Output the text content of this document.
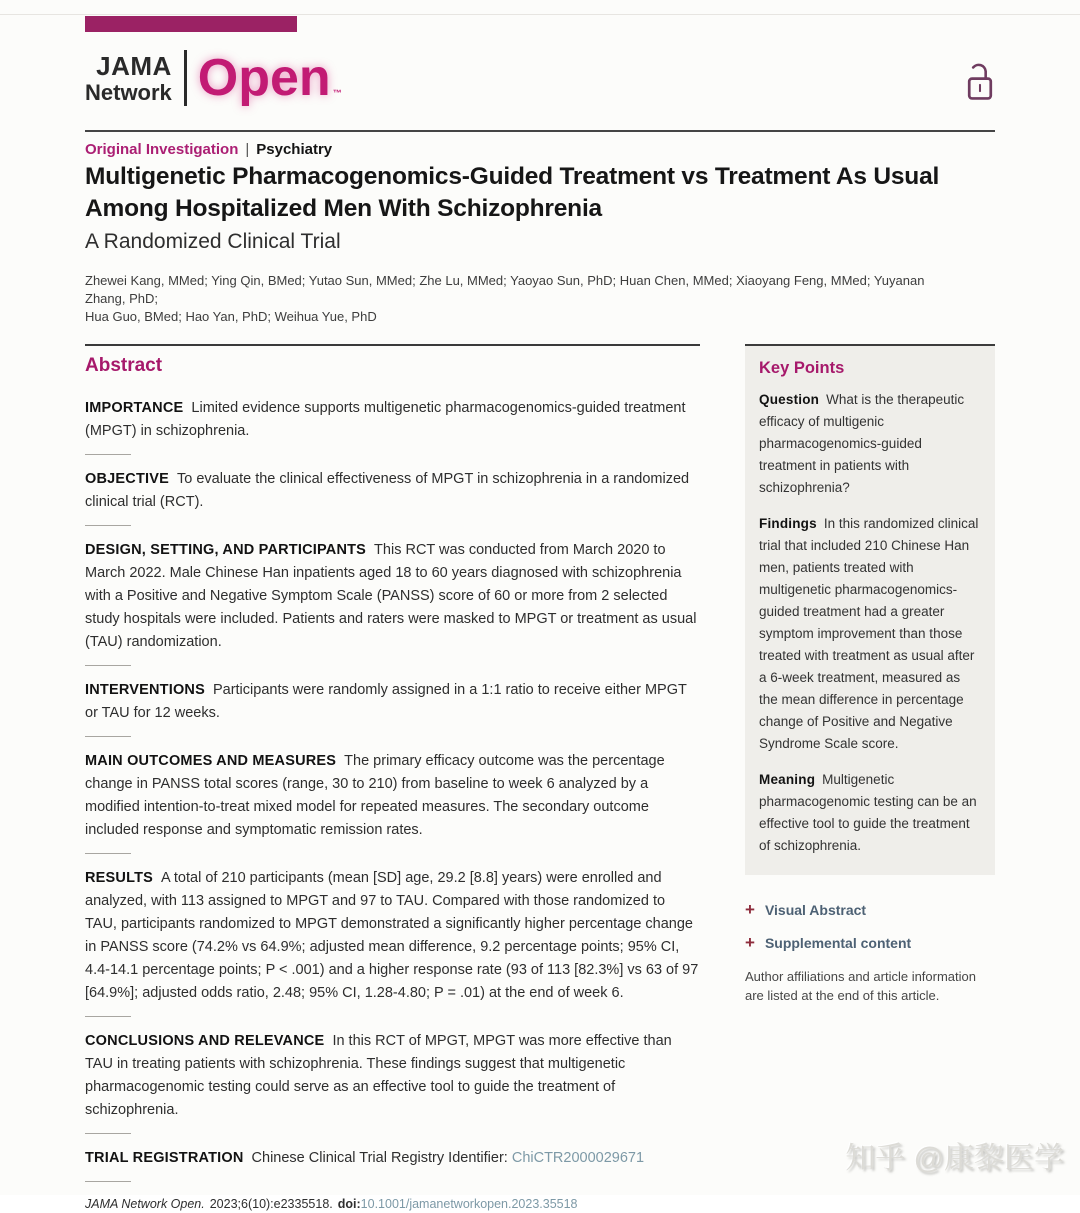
JAMA
Network Open ™
Original Investigation | Psychiatry
Multigenetic Pharmacogenomics-Guided Treatment vs Treatment As Usual Among Hospitalized Men With Schizophrenia
A Randomized Clinical Trial
Zhewei Kang, MMed; Ying Qin, BMed; Yutao Sun, MMed; Zhe Lu, MMed; Yaoyao Sun, PhD; Huan Chen, MMed; Xiaoyang Feng, MMed; Yuyanan Zhang, PhD;
Hua Guo, BMed; Hao Yan, PhD; Weihua Yue, PhD
Abstract
IMPORTANCE Limited evidence supports multigenetic pharmacogenomics-guided treatment (MPGT) in schizophrenia.
OBJECTIVE To evaluate the clinical effectiveness of MPGT in schizophrenia in a randomized clinical trial (RCT).
DESIGN, SETTING, AND PARTICIPANTS This RCT was conducted from March 2020 to March 2022. Male Chinese Han inpatients aged 18 to 60 years diagnosed with schizophrenia with a Positive and Negative Symptom Scale (PANSS) score of 60 or more from 2 selected study hospitals were included. Patients and raters were masked to MPGT or treatment as usual (TAU) randomization.
INTERVENTIONS Participants were randomly assigned in a 1:1 ratio to receive either MPGT or TAU for 12 weeks.
MAIN OUTCOMES AND MEASURES The primary efficacy outcome was the percentage change in PANSS total scores (range, 30 to 210) from baseline to week 6 analyzed by a modified intention-to-treat mixed model for repeated measures. The secondary outcome included response and symptomatic remission rates.
RESULTS A total of 210 participants (mean [SD] age, 29.2 [8.8] years) were enrolled and analyzed, with 113 assigned to MPGT and 97 to TAU. Compared with those randomized to TAU, participants randomized to MPGT demonstrated a significantly higher percentage change in PANSS score (74.2% vs 64.9%; adjusted mean difference, 9.2 percentage points; 95% CI, 4.4-14.1 percentage points; P < .001) and a higher response rate (93 of 113 [82.3%] vs 63 of 97 [64.9%]; adjusted odds ratio, 2.48; 95% CI, 1.28-4.80; P = .01) at the end of week 6.
CONCLUSIONS AND RELEVANCE In this RCT of MPGT, MPGT was more effective than TAU in treating patients with schizophrenia. These findings suggest that multigenetic pharmacogenomic testing could serve as an effective tool to guide the treatment of schizophrenia.
TRIAL REGISTRATION Chinese Clinical Trial Registry Identifier: ChiCTR2000029671
JAMA Network Open. 2023;6(10):e2335518. doi:10.1001/jamanetworkopen.2023.35518
Key Points
Question What is the therapeutic efficacy of multigenic pharmacogenomics-guided treatment in patients with schizophrenia?
Findings In this randomized clinical trial that included 210 Chinese Han men, patients treated with multigenetic pharmacogenomics-guided treatment had a greater symptom improvement than those treated with treatment as usual after a 6-week treatment, measured as the mean difference in percentage change of Positive and Negative Syndrome Scale score.
Meaning Multigenetic pharmacogenomic testing can be an effective tool to guide the treatment of schizophrenia.
+ Visual Abstract
+ Supplemental content
Author affiliations and article information are listed at the end of this article.
知乎 @康黎医学
